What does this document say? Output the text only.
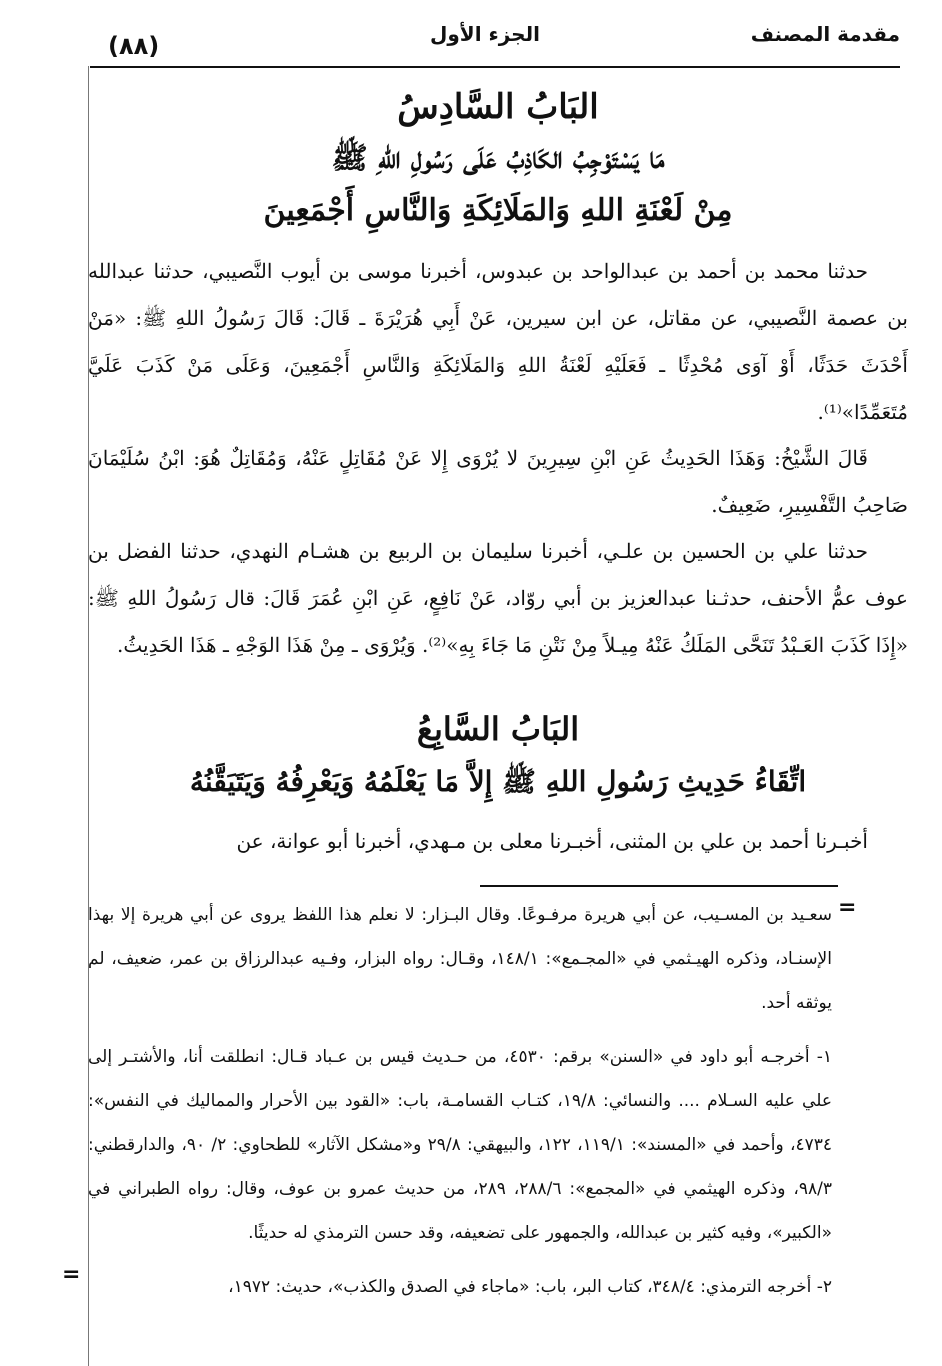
مقدمة المصنف
الجزء الأول
(٨٨)
البَابُ السَّادِسُ
مَا يَسْتَوْجِبُ الكَاذِبُ عَلَى رَسُولِ اللهِ ﷺ
مِنْ لَعْنَةِ اللهِ وَالمَلَائِكَةِ وَالنَّاسِ أَجْمَعِينَ

حدثنا محمد بن أحمد بن عبدالواحد بن عبدوس، أخبرنا موسى بن أيوب النَّصيبي، حدثنا عبدالله بن عصمة النَّصيبي، عن مقاتل، عن ابن سيرين، عَنْ أَبِي هُرَيْرَةَ ـ قَالَ: قَالَ رَسُولُ اللهِ ﷺ: «مَنْ أَحْدَثَ حَدَثًا، أَوْ آوَى مُحْدِثًا ـ فَعَلَيْهِ لَعْنَةُ اللهِ وَالمَلَائِكَةِ وَالنَّاسِ أَجْمَعِينَ، وَعَلَى مَنْ كَذَبَ عَلَيَّ مُتَعَمِّدًا»⁽¹⁾.

قَالَ الشَّيْخُ: وَهَذَا الحَدِيثُ عَنِ ابْنِ سِيرِينَ لا يُرْوَى إِلا عَنْ مُقَاتِلٍ عَنْهُ، وَمُقَاتِلٌ هُوَ: ابْنُ سُلَيْمَانَ صَاحِبُ التَّفْسِيرِ، ضَعِيفٌ.

حدثنا علي بن الحسين بن علـي، أخبرنا سليمان بن الربيع بن هشـام النهدي، حدثنا الفضل بن عوف عمُّ الأحنف، حدثـنا عبدالعزيز بن أبي روّاد، عَنْ نَافِعٍ، عَنِ ابْنِ عُمَرَ قَالَ: قال رَسُولُ اللهِ ﷺ: «إِذَا كَذَبَ العَـبْدُ تَنَحَّى المَلَكُ عَنْهُ مِيـلاً مِنْ نَتْنِ مَا جَاءَ بِهِ»⁽²⁾. وَيُرْوَى ـ مِنْ هَذَا الوَجْهِ ـ هَذَا الحَدِيثُ.

البَابُ السَّابِعُ
اتِّقَاءُ حَدِيثِ رَسُولِ اللهِ ﷺ إِلاَّ مَا يَعْلَمُهُ وَيَعْرِفُهُ وَيَتَيَقَّنُهُ

أخبـرنا أحمد بن علي بن المثنى، أخبـرنا معلى بن مـهدي، أخبرنا أبو عوانة، عن

=

سعـيد بن المسـيب، عن أبي هريرة مرفـوعًا. وقال البـزار: لا نعلم هذا اللفظ يروى عن أبي هريرة إلا بهذا الإسنـاد، وذكره الهيـثمي في «المجـمع»: ١٤٨/١، وقـال: رواه البزار، وفـيه عبدالرزاق بن عمر، ضعيف، لم يوثقه أحد.

١- أخرجـه أبو داود في «السنن» برقم: ٤٥٣٠، من حـديث قيس بن عـباد قـال: انطلقت أنا، والأشتـر إلى علي عليه السـلام .... والنسائي: ١٩/٨، كتـاب القسامـة، باب: «القود بين الأحرار والمماليك في النفس»: ٤٧٣٤، وأحمد في «المسند»: ١١٩/١، ١٢٢، والبيهقي: ٢٩/٨ و«مشكل الآثار» للطحاوي: ٢/ ٩٠، والدارقطني: ٩٨/٣، وذكره الهيثمي في «المجمع»: ٢٨٨/٦، ٢٨٩، من حديث عمرو بن عوف، وقال: رواه الطبراني في «الكبير»، وفيه كثير بن عبدالله، والجمهور على تضعيفه، وقد حسن الترمذي له حديثًا.

٢- أخرجه الترمذي: ٣٤٨/٤، كتاب البر، باب: «ماجاء في الصدق والكذب»، حديث: ١٩٧٢،

=
